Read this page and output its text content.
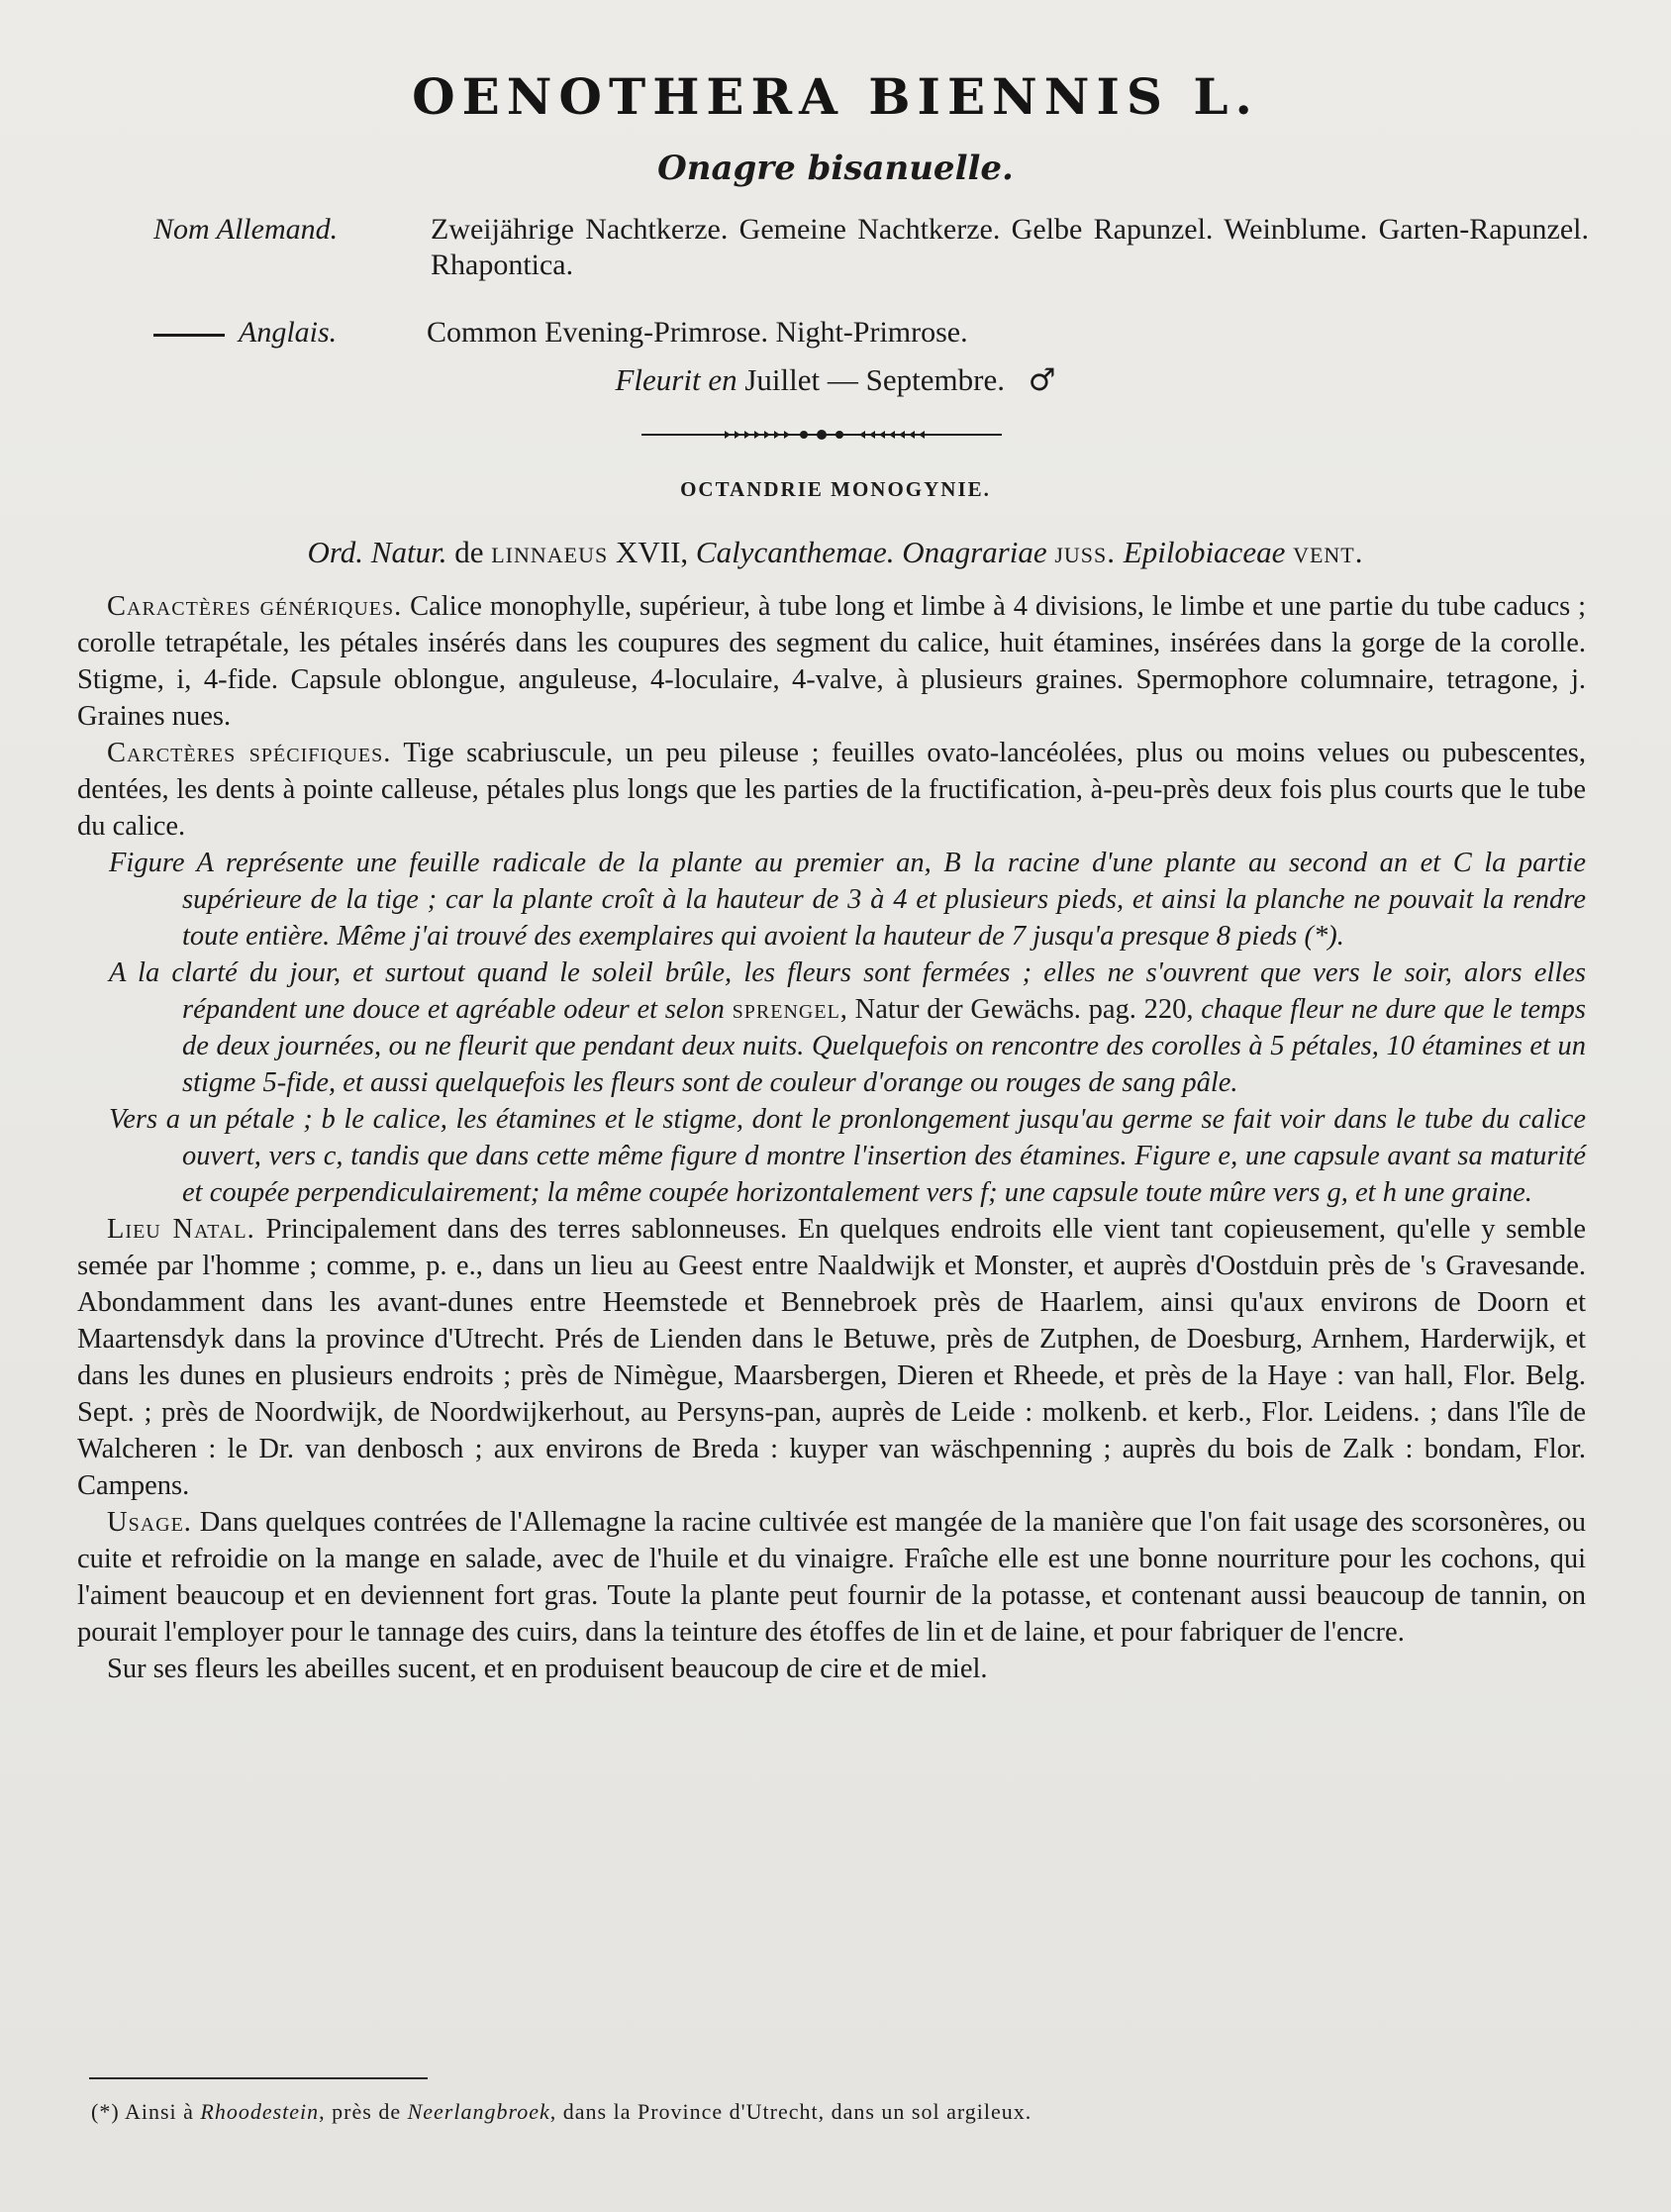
OENOTHERA BIENNIS L.
Onagre bisanuelle.
Nom Allemand.	Zweijährige Nachtkerze. Gemeine Nachtkerze. Gelbe Rapunzel. Weinblume. Garten-Rapunzel. Rhapontica.
Anglais.	Common Evening-Primrose. Night-Primrose.
Fleurit en Juillet — Septembre. ♂
OCTANDRIE MONOGYNIE.
Ord. Natur. de linnaeus XVII, Calycanthemae. Onagrariae juss. Epilobiaceae vent.

Caractères génériques. Calice monophylle, supérieur, à tube long et limbe à 4 divisions, le limbe et une partie du tube caducs ; corolle tetrapétale, les pétales insérés dans les coupures des segment du calice, huit étamines, insérées dans la gorge de la corolle. Stigme, i, 4-fide. Capsule oblongue, anguleuse, 4-loculaire, 4-valve, à plusieurs graines. Spermophore columnaire, tetragone, j. Graines nues.

Carctères spécifiques. Tige scabriuscule, un peu pileuse ; feuilles ovato-lancéolées, plus ou moins velues ou pubescentes, dentées, les dents à pointe calleuse, pétales plus longs que les parties de la fructification, à-peu-près deux fois plus courts que le tube du calice.

Figure A représente une feuille radicale de la plante au premier an, B la racine d'une plante au second an et C la partie supérieure de la tige ; car la plante croît à la hauteur de 3 à 4 et plusieurs pieds, et ainsi la planche ne pouvait la rendre toute entière. Même j'ai trouvé des exemplaires qui avoient la hauteur de 7 jusqu'a presque 8 pieds (*).

A la clarté du jour, et surtout quand le soleil brûle, les fleurs sont fermées ; elles ne s'ouvrent que vers le soir, alors elles répandent une douce et agréable odeur et selon sprengel, Natur der Gewächs. pag. 220, chaque fleur ne dure que le temps de deux journées, ou ne fleurit que pendant deux nuits. Quelquefois on rencontre des corolles à 5 pétales, 10 étamines et un stigme 5-fide, et aussi quelquefois les fleurs sont de couleur d'orange ou rouges de sang pâle.

Vers a un pétale ; b le calice, les étamines et le stigme, dont le pronlongement jusqu'au germe se fait voir dans le tube du calice ouvert, vers c, tandis que dans cette même figure d montre l'insertion des étamines. Figure e, une capsule avant sa maturité et coupée perpendiculairement; la même coupée horizontalement vers f; une capsule toute mûre vers g, et h une graine.

Lieu Natal. Principalement dans des terres sablonneuses. En quelques endroits elle vient tant copieusement, qu'elle y semble semée par l'homme ; comme, p. e., dans un lieu au Geest entre Naaldwijk et Monster, et auprès d'Oostduin près de 's Gravesande. Abondamment dans les avant-dunes entre Heemstede et Bennebroek près de Haarlem, ainsi qu'aux environs de Doorn et Maartensdyk dans la province d'Utrecht. Prés de Lienden dans le Betuwe, près de Zutphen, de Doesburg, Arnhem, Harderwijk, et dans les dunes en plusieurs endroits ; près de Nimègue, Maarsbergen, Dieren et Rheede, et près de la Haye : van hall, Flor. Belg. Sept. ; près de Noordwijk, de Noordwijkerhout, au Persyns-pan, auprès de Leide : molkenb. et kerb., Flor. Leidens. ; dans l'île de Walcheren : le Dr. van denbosch ; aux environs de Breda : kuyper van wäschpenning ; auprès du bois de Zalk : bondam, Flor. Campens.

Usage. Dans quelques contrées de l'Allemagne la racine cultivée est mangée de la manière que l'on fait usage des scorsonères, ou cuite et refroidie on la mange en salade, avec de l'huile et du vinaigre. Fraîche elle est une bonne nourriture pour les cochons, qui l'aiment beaucoup et en deviennent fort gras. Toute la plante peut fournir de la potasse, et contenant aussi beaucoup de tannin, on pourait l'employer pour le tannage des cuirs, dans la teinture des étoffes de lin et de laine, et pour fabriquer de l'encre.

Sur ses fleurs les abeilles sucent, et en produisent beaucoup de cire et de miel.

(*) Ainsi à Rhoodestein, près de Neerlangbroek, dans la Province d'Utrecht, dans un sol argileux.
